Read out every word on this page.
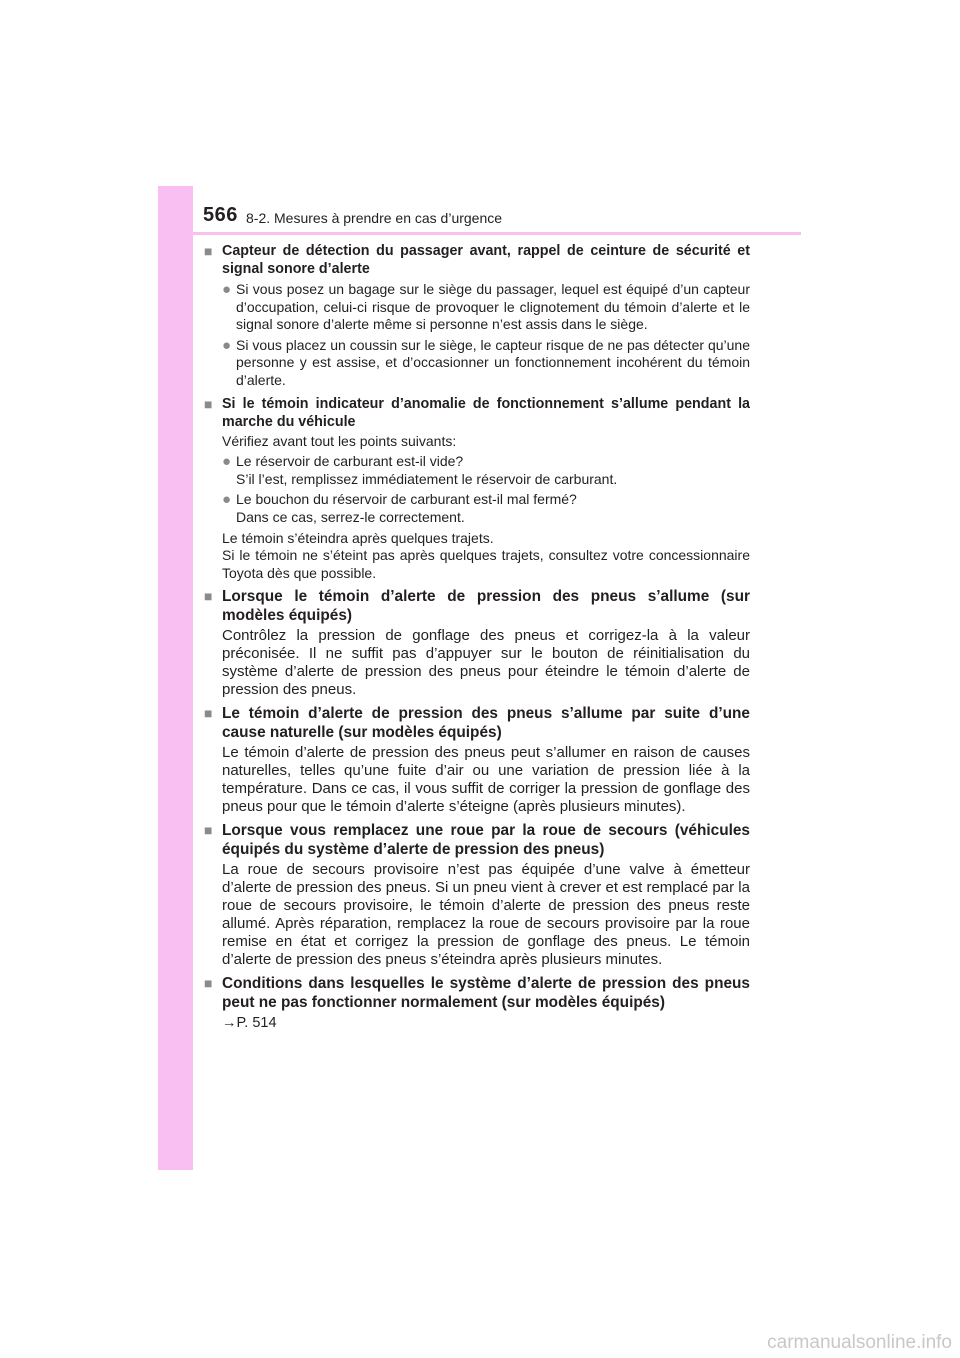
566 8-2. Mesures à prendre en cas d’urgence
■ Capteur de détection du passager avant, rappel de ceinture de sécurité et signal sonore d’alerte
● Si vous posez un bagage sur le siège du passager, lequel est équipé d’un capteur d’occupation, celui-ci risque de provoquer le clignotement du témoin d’alerte et le signal sonore d’alerte même si personne n’est assis dans le siège.
● Si vous placez un coussin sur le siège, le capteur risque de ne pas détecter qu’une personne y est assise, et d’occasionner un fonctionnement incohérent du témoin d’alerte.
■ Si le témoin indicateur d’anomalie de fonctionnement s’allume pendant la marche du véhicule
Vérifiez avant tout les points suivants:
● Le réservoir de carburant est-il vide?
S’il l’est, remplissez immédiatement le réservoir de carburant.
● Le bouchon du réservoir de carburant est-il mal fermé?
Dans ce cas, serrez-le correctement.
Le témoin s’éteindra après quelques trajets.
Si le témoin ne s’éteint pas après quelques trajets, consultez votre concessionnaire Toyota dès que possible.
■ Lorsque le témoin d’alerte de pression des pneus s’allume (sur modèles équipés)
Contrôlez la pression de gonflage des pneus et corrigez-la à la valeur préconisée. Il ne suffit pas d’appuyer sur le bouton de réinitialisation du système d’alerte de pression des pneus pour éteindre le témoin d’alerte de pression des pneus.
■ Le témoin d’alerte de pression des pneus s’allume par suite d’une cause naturelle (sur modèles équipés)
Le témoin d’alerte de pression des pneus peut s’allumer en raison de causes naturelles, telles qu’une fuite d’air ou une variation de pression liée à la température. Dans ce cas, il vous suffit de corriger la pression de gonflage des pneus pour que le témoin d’alerte s’éteigne (après plusieurs minutes).
■ Lorsque vous remplacez une roue par la roue de secours (véhicules équipés du système d’alerte de pression des pneus)
La roue de secours provisoire n’est pas équipée d’une valve à émetteur d’alerte de pression des pneus. Si un pneu vient à crever et est remplacé par la roue de secours provisoire, le témoin d’alerte de pression des pneus reste allumé. Après réparation, remplacez la roue de secours provisoire par la roue remise en état et corrigez la pression de gonflage des pneus. Le témoin d’alerte de pression des pneus s’éteindra après plusieurs minutes.
■ Conditions dans lesquelles le système d’alerte de pression des pneus peut ne pas fonctionner normalement (sur modèles équipés)
→P. 514
carmanualsonline.info
